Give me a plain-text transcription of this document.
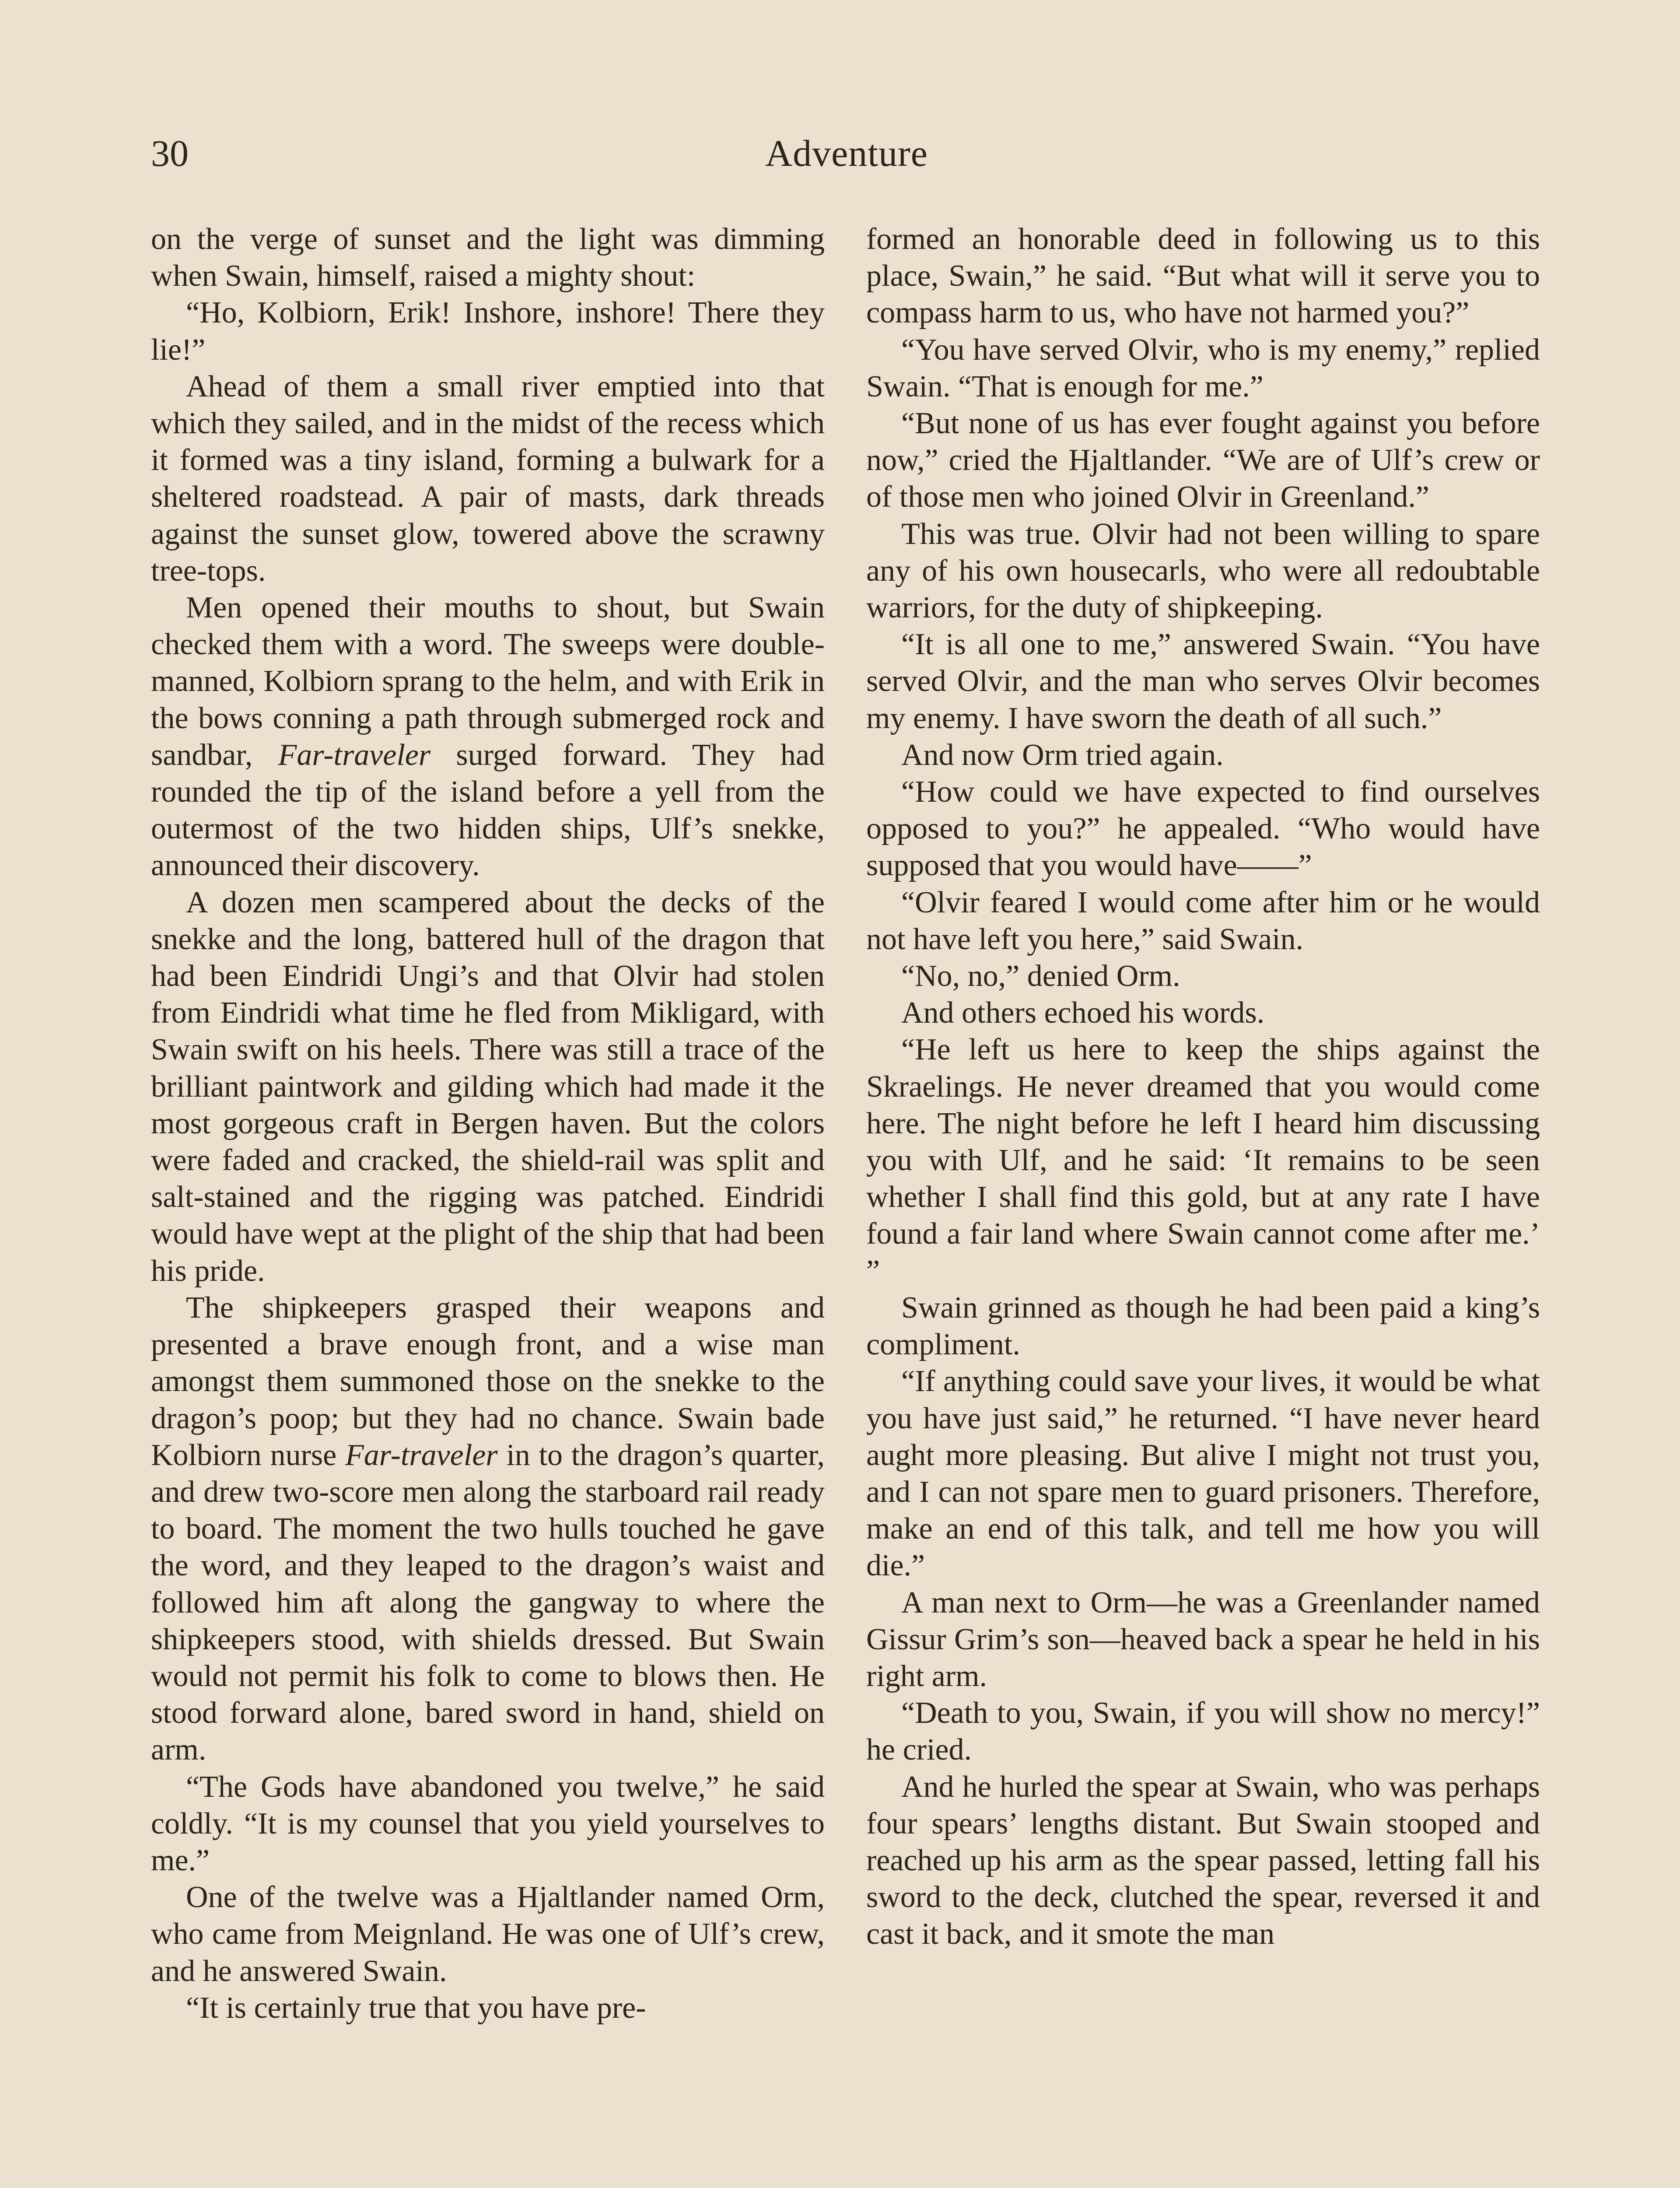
30	Adventure

on the verge of sunset and the light was dimming when Swain, himself, raised a mighty shout:

“Ho, Kolbiorn, Erik! Inshore, inshore! There they lie!”

Ahead of them a small river emptied into that which they sailed, and in the midst of the recess which it formed was a tiny island, forming a bulwark for a sheltered roadstead. A pair of masts, dark threads against the sunset glow, towered above the scrawny tree-tops.

Men opened their mouths to shout, but Swain checked them with a word. The sweeps were double-manned, Kolbiorn sprang to the helm, and with Erik in the bows conning a path through submerged rock and sandbar, Far-traveler surged forward. They had rounded the tip of the island before a yell from the outermost of the two hidden ships, Ulf’s snekke, announced their discovery.

A dozen men scampered about the decks of the snekke and the long, battered hull of the dragon that had been Eindridi Ungi’s and that Olvir had stolen from Eindridi what time he fled from Mikligard, with Swain swift on his heels. There was still a trace of the brilliant paintwork and gilding which had made it the most gorgeous craft in Bergen haven. But the colors were faded and cracked, the shield-rail was split and salt-stained and the rigging was patched. Eindridi would have wept at the plight of the ship that had been his pride.

The shipkeepers grasped their weapons and presented a brave enough front, and a wise man amongst them summoned those on the snekke to the dragon’s poop; but they had no chance. Swain bade Kolbiorn nurse Far-traveler in to the dragon’s quarter, and drew two-score men along the starboard rail ready to board. The moment the two hulls touched he gave the word, and they leaped to the dragon’s waist and followed him aft along the gangway to where the shipkeepers stood, with shields dressed. But Swain would not permit his folk to come to blows then. He stood forward alone, bared sword in hand, shield on arm.

“The Gods have abandoned you twelve,” he said coldly. “It is my counsel that you yield yourselves to me.”

One of the twelve was a Hjaltlander named Orm, who came from Meignland. He was one of Ulf’s crew, and he answered Swain.

“It is certainly true that you have pre-

formed an honorable deed in following us to this place, Swain,” he said. “But what will it serve you to compass harm to us, who have not harmed you?”

“You have served Olvir, who is my enemy,” replied Swain. “That is enough for me.”

“But none of us has ever fought against you before now,” cried the Hjaltlander. “We are of Ulf’s crew or of those men who joined Olvir in Greenland.”

This was true. Olvir had not been willing to spare any of his own housecarls, who were all redoubtable warriors, for the duty of shipkeeping.

“It is all one to me,” answered Swain. “You have served Olvir, and the man who serves Olvir becomes my enemy. I have sworn the death of all such.”

And now Orm tried again.

“How could we have expected to find ourselves opposed to you?” he appealed. “Who would have supposed that you would have——”

“Olvir feared I would come after him or he would not have left you here,” said Swain.

“No, no,” denied Orm.

And others echoed his words.

“He left us here to keep the ships against the Skraelings. He never dreamed that you would come here. The night before he left I heard him discussing you with Ulf, and he said: ‘It remains to be seen whether I shall find this gold, but at any rate I have found a fair land where Swain cannot come after me.’ ”

Swain grinned as though he had been paid a king’s compliment.

“If anything could save your lives, it would be what you have just said,” he returned. “I have never heard aught more pleasing. But alive I might not trust you, and I can not spare men to guard prisoners. Therefore, make an end of this talk, and tell me how you will die.”

A man next to Orm—he was a Greenlander named Gissur Grim’s son—heaved back a spear he held in his right arm.

“Death to you, Swain, if you will show no mercy!” he cried.

And he hurled the spear at Swain, who was perhaps four spears’ lengths distant. But Swain stooped and reached up his arm as the spear passed, letting fall his sword to the deck, clutched the spear, reversed it and cast it back, and it smote the man
